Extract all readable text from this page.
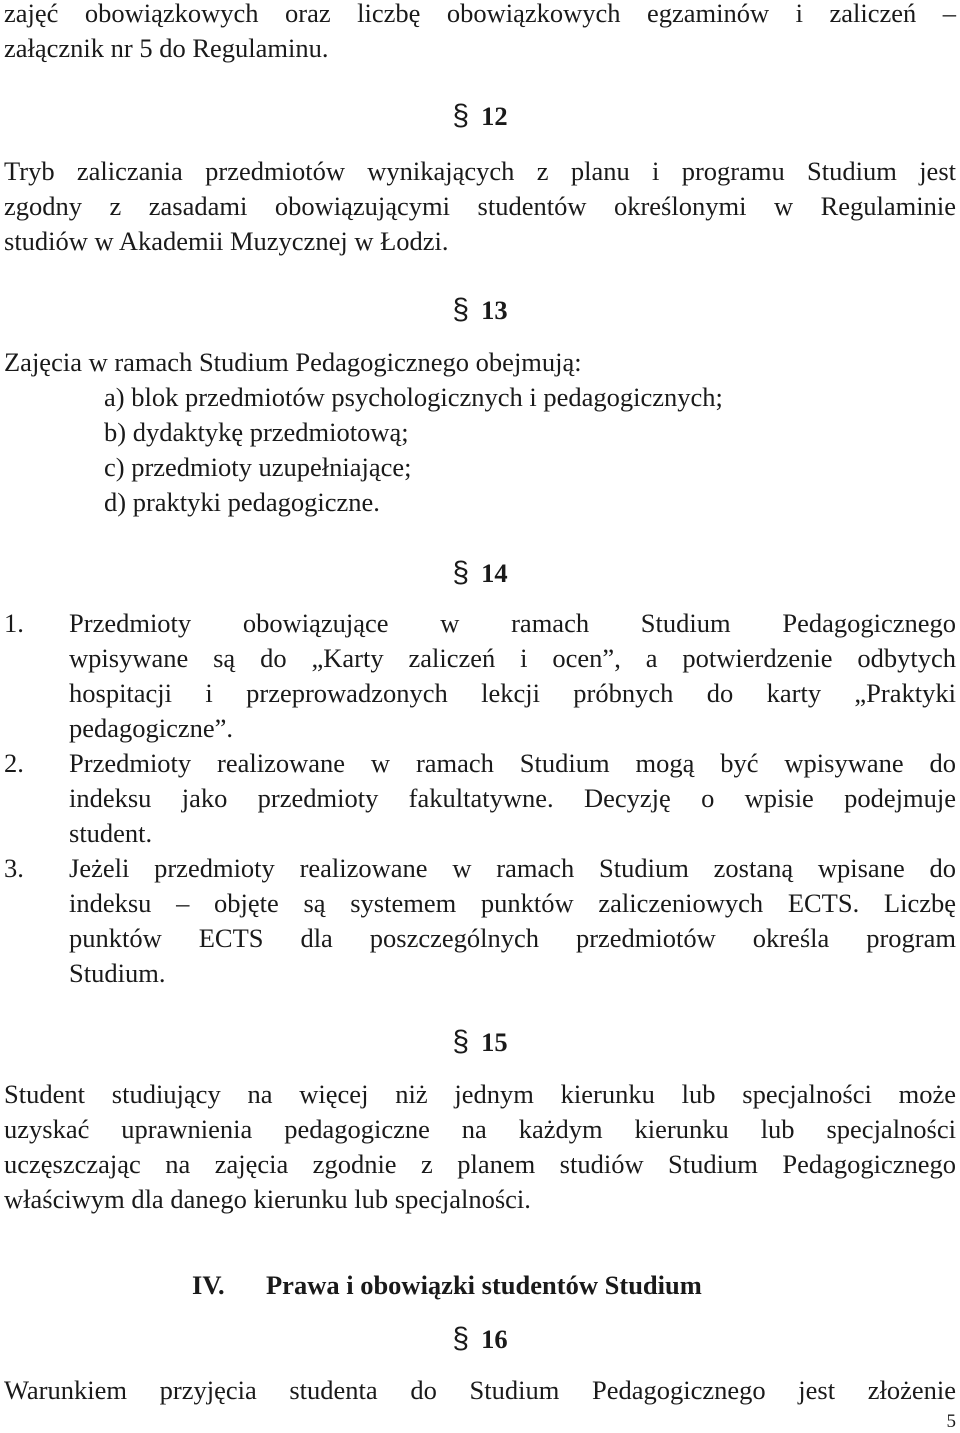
zajęć obowiązkowych oraz liczbę obowiązkowych egzaminów i zaliczeń –
załącznik nr 5 do Regulaminu.
§ 12
Tryb zaliczania przedmiotów wynikających z planu i programu Studium jest
zgodny z zasadami obowiązującymi studentów określonymi w Regulaminie
studiów w Akademii Muzycznej w Łodzi.
§ 13
Zajęcia w ramach Studium Pedagogicznego obejmują:
a) blok przedmiotów psychologicznych i pedagogicznych;
b) dydaktykę przedmiotową;
c) przedmioty uzupełniające;
d) praktyki pedagogiczne.
§ 14
1.	Przedmioty obowiązujące w ramach Studium Pedagogicznego
wpisywane są do „Karty zaliczeń i ocen”, a potwierdzenie odbytych
hospitacji i przeprowadzonych lekcji próbnych do karty „Praktyki
pedagogiczne”.
2.	Przedmioty realizowane w ramach Studium mogą być wpisywane do
indeksu jako przedmioty fakultatywne. Decyzję o wpisie podejmuje
student.
3.	Jeżeli przedmioty realizowane w ramach Studium zostaną wpisane do
indeksu – objęte są systemem punktów zaliczeniowych ECTS. Liczbę
punktów ECTS dla poszczególnych przedmiotów określa program
Studium.
§ 15
Student studiujący na więcej niż jednym kierunku lub specjalności może
uzyskać uprawnienia pedagogiczne na każdym kierunku lub specjalności
uczęszczając na zajęcia zgodnie z planem studiów Studium Pedagogicznego
właściwym dla danego kierunku lub specjalności.
IV.	Prawa i obowiązki studentów Studium
§ 16
Warunkiem przyjęcia studenta do Studium Pedagogicznego jest złożenie
5
